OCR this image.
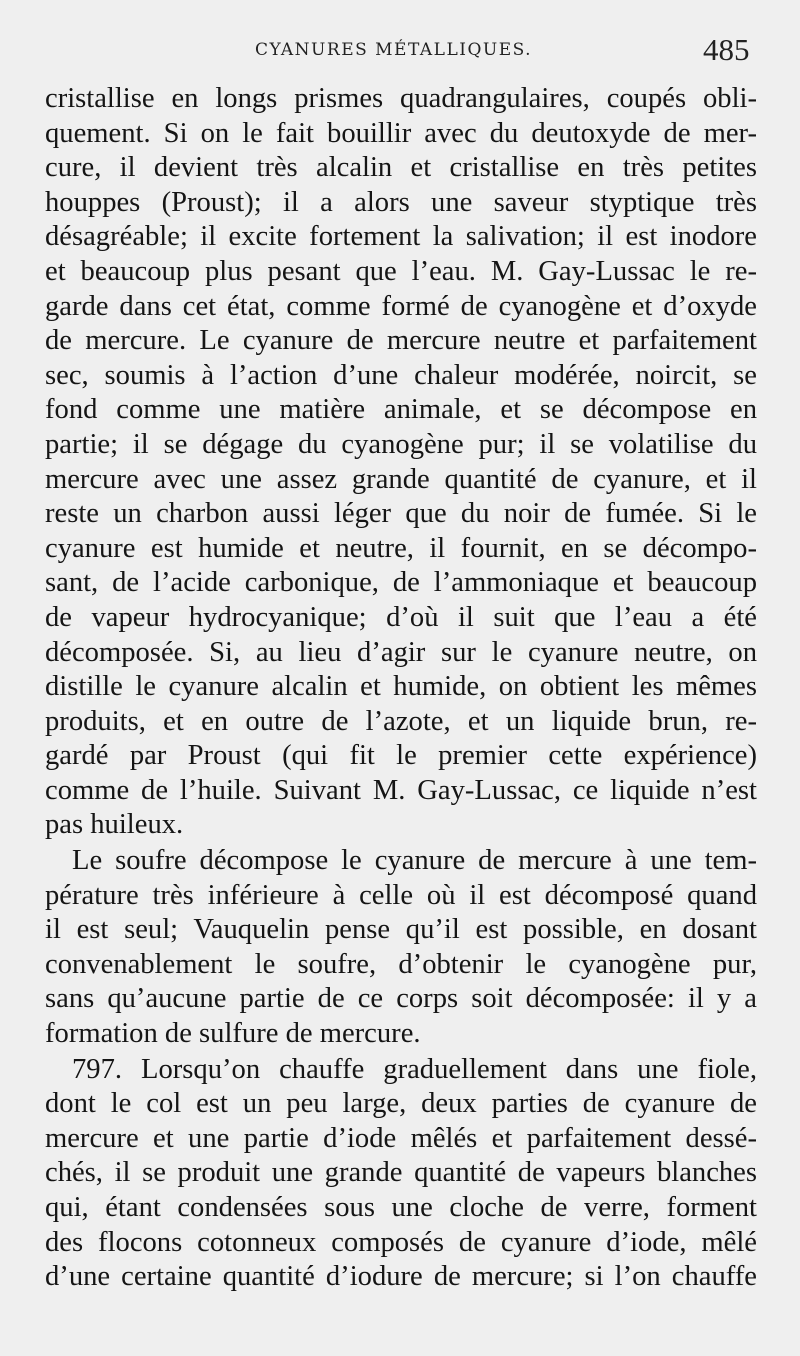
CYANURES MÉTALLIQUES.	485
cristallise en longs prismes quadrangulaires, coupés obli-
quement. Si on le fait bouillir avec du deutoxyde de mer-
cure, il devient très alcalin et cristallise en très petites
houppes (Proust); il a alors une saveur styptique très
désagréable; il excite fortement la salivation; il est inodore
et beaucoup plus pesant que l’eau. M. Gay-Lussac le re-
garde dans cet état, comme formé de cyanogène et d’oxyde
de mercure. Le cyanure de mercure neutre et parfaitement
sec, soumis à l’action d’une chaleur modérée, noircit, se
fond comme une matière animale, et se décompose en
partie; il se dégage du cyanogène pur; il se volatilise du
mercure avec une assez grande quantité de cyanure, et il
reste un charbon aussi léger que du noir de fumée. Si le
cyanure est humide et neutre, il fournit, en se décompo-
sant, de l’acide carbonique, de l’ammoniaque et beaucoup
de vapeur hydrocyanique; d’où il suit que l’eau a été
décomposée. Si, au lieu d’agir sur le cyanure neutre, on
distille le cyanure alcalin et humide, on obtient les mêmes
produits, et en outre de l’azote, et un liquide brun, re-
gardé par Proust (qui fit le premier cette expérience)
comme de l’huile. Suivant M. Gay-Lussac, ce liquide n’est
pas huileux.
Le soufre décompose le cyanure de mercure à une tem-
pérature très inférieure à celle où il est décomposé quand
il est seul; Vauquelin pense qu’il est possible, en dosant
convenablement le soufre, d’obtenir le cyanogène pur,
sans qu’aucune partie de ce corps soit décomposée: il y a
formation de sulfure de mercure.
797. Lorsqu’on chauffe graduellement dans une fiole,
dont le col est un peu large, deux parties de cyanure de
mercure et une partie d’iode mêlés et parfaitement dessé-
chés, il se produit une grande quantité de vapeurs blanches
qui, étant condensées sous une cloche de verre, forment
des flocons cotonneux composés de cyanure d’iode, mêlé
d’une certaine quantité d’iodure de mercure; si l’on chauffe
